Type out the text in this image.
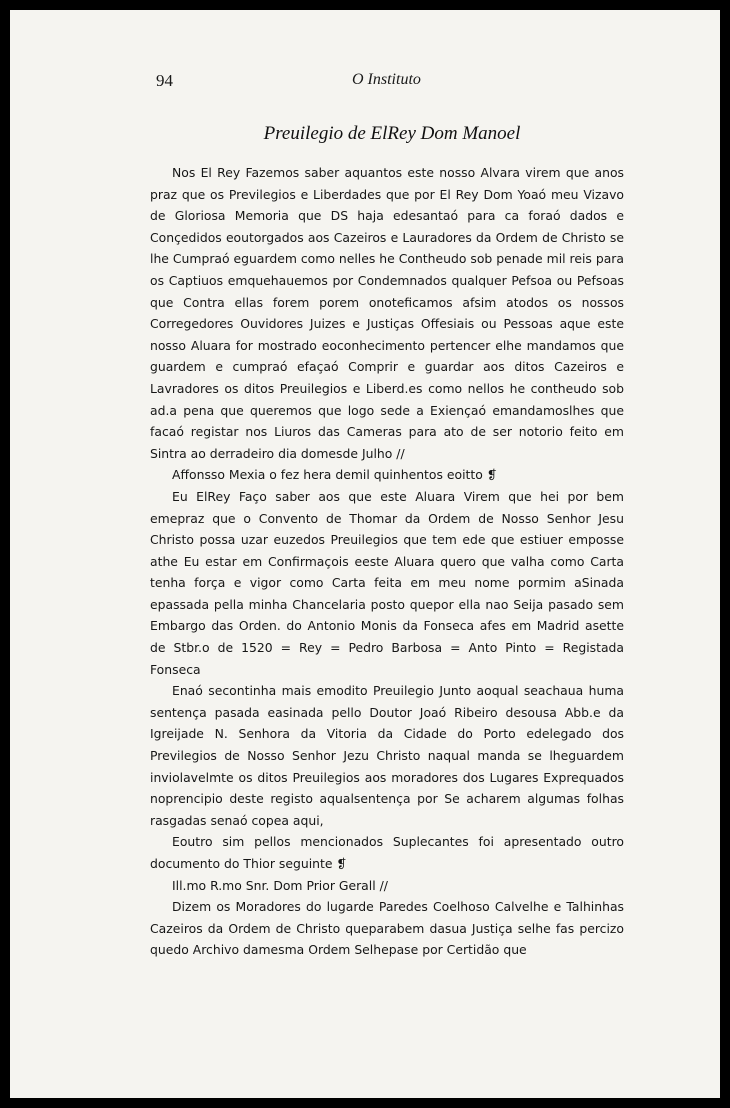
94	O Instituto
Preuilegio de ElRey Dom Manoel

Nos El Rey Fazemos saber aquantos este nosso Alvara virem que anos praz que os Previlegios e Liberdades que por El Rey Dom Yoaó meu Vizavo de Gloriosa Memoria que DS haja edesantaó para ca foraó dados e Conçedidos eoutorgados aos Cazeiros e Lauradores da Ordem de Christo se lhe Cumpraó eguardem como nelles he Contheudo sob penade mil reis para os Captiuos emquehauemos por Condemnados qualquer Pefsoa ou Pefsoas que Contra ellas forem porem onoteficamos afsim atodos os nossos Corregedores Ouvidores Juizes e Justiças Offesiais ou Pessoas aque este nosso Aluara for mostrado eoconhecimento pertencer elhe mandamos que guardem e cumpraó efaçaó Comprir e guardar aos ditos Cazeiros e Lavradores os ditos Preuilegios e Liberd.es como nellos he contheudo sob ad.a pena que queremos que logo sede a Exiençaó emandamoslhes que facaó registar nos Liuros das Cameras para ato de ser notorio feito em Sintra ao derradeiro dia domesde Julho //

Affonsso Mexia o fez hera demil quinhentos eoitto ❡

Eu ElRey Faço saber aos que este Aluara Virem que hei por bem emepraz que o Convento de Thomar da Ordem de Nosso Senhor Jesu Christo possa uzar euzedos Preuilegios que tem ede que estiuer emposse athe Eu estar em Confirmaçois eeste Aluara quero que valha como Carta tenha força e vigor como Carta feita em meu nome pormim aSinada epassada pella minha Chancelaria posto quepor ella nao Seija pasado sem Embargo das Orden. do Antonio Monis da Fonseca afes em Madrid asette de Stbr.o de 1520 = Rey = Pedro Barbosa = Anto Pinto = Registada Fonseca

Enaó secontinha mais emodito Preuilegio Junto aoqual seachaua huma sentença pasada easinada pello Doutor Joaó Ribeiro desousa Abb.e da Igreijade N. Senhora da Vitoria da Cidade do Porto edelegado dos Previlegios de Nosso Senhor Jezu Christo naqual manda se lheguardem inviolavelmte os ditos Preuilegios aos moradores dos Lugares Exprequados noprencipio deste registo aqualsentença por Se acharem algumas folhas rasgadas senaó copea aqui,

Eoutro sim pellos mencionados Suplecantes foi apresentado outro documento do Thior seguinte ❡

Ill.mo R.mo Snr. Dom Prior Gerall //

Dizem os Moradores do lugarde Paredes Coelhoso Calvelhe e Talhinhas Cazeiros da Ordem de Christo queparabem dasua Justiça selhe fas percizo quedo Archivo damesma Ordem Selhepase por Certidão que
